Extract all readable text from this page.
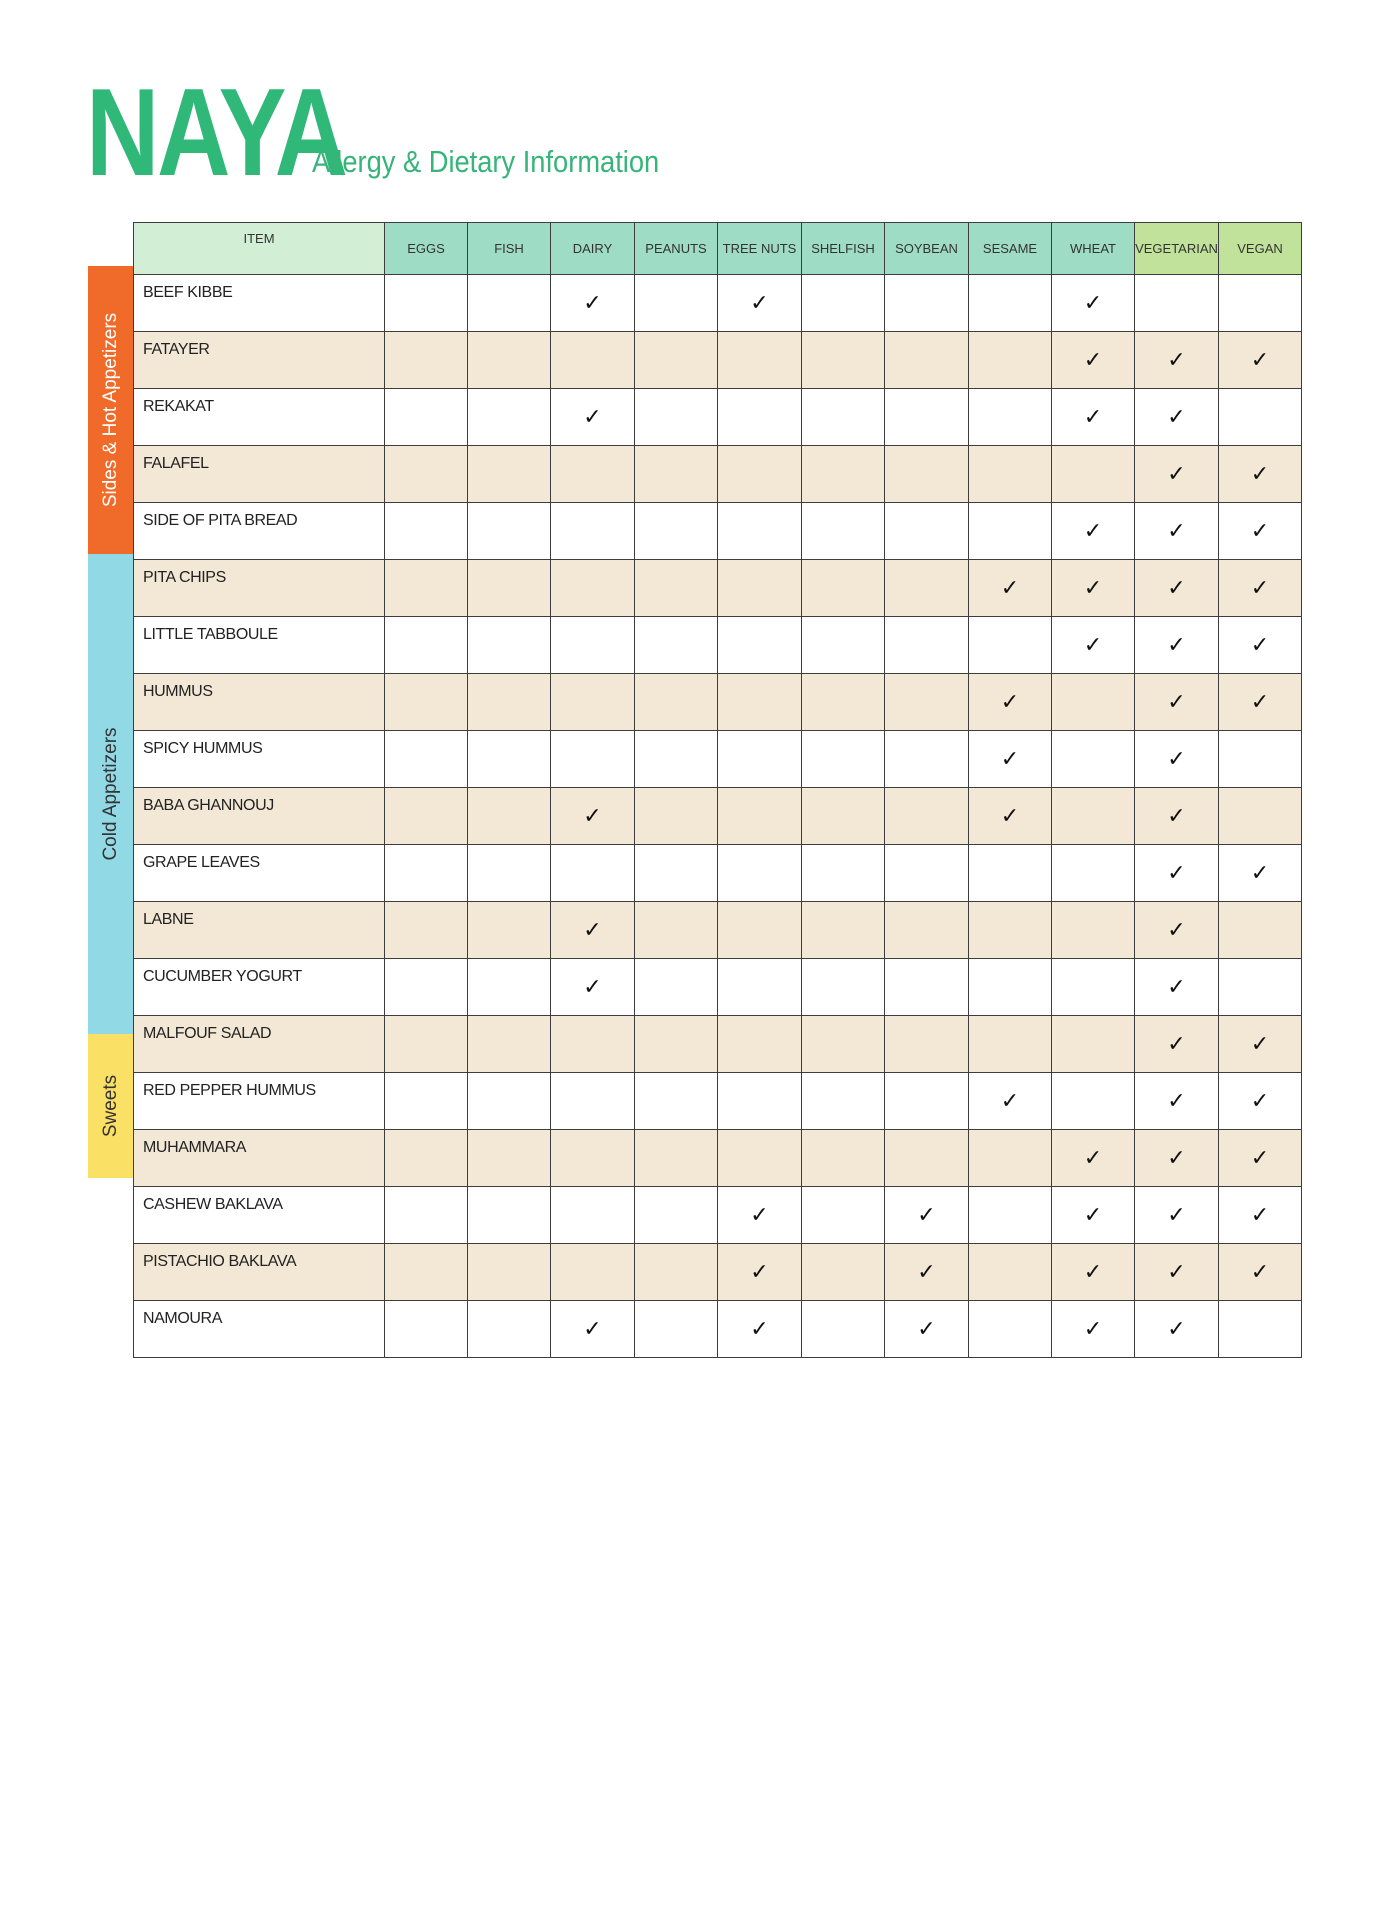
NAYA
Allergy & Dietary Information
Sides & Hot Appetizers
Cold Appetizers
Sweets
ITEM	EGGS	FISH	DAIRY	PEANUTS	TREE NUTS	SHELFISH	SOYBEAN	SESAME	WHEAT	VEGETARIAN	VEGAN
BEEF KIBBE			✓		✓				✓		
FATAYER									✓	✓	✓
REKAKAT			✓						✓	✓	
FALAFEL										✓	✓
SIDE OF PITA BREAD									✓	✓	✓
PITA CHIPS								✓	✓	✓	✓
LITTLE TABBOULE									✓	✓	✓
HUMMUS								✓		✓	✓
SPICY HUMMUS								✓		✓	
BABA GHANNOUJ			✓					✓		✓	
GRAPE LEAVES										✓	✓
LABNE			✓							✓	
CUCUMBER YOGURT			✓							✓	
MALFOUF SALAD										✓	✓
RED PEPPER HUMMUS								✓		✓	✓
MUHAMMARA									✓	✓	✓
CASHEW BAKLAVA					✓		✓		✓	✓	✓
PISTACHIO BAKLAVA					✓		✓		✓	✓	✓
NAMOURA			✓		✓		✓		✓	✓	
